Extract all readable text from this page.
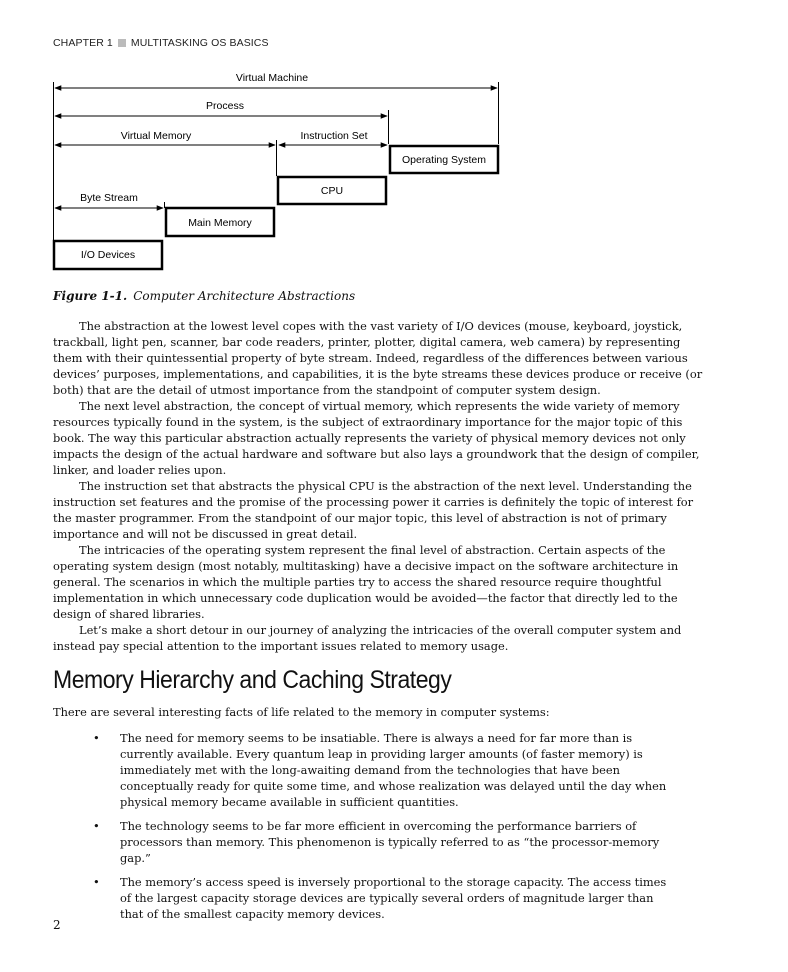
CHAPTER 1 MULTITASKING OS BASICS
Virtual Machine
Process
Virtual Memory	Instruction Set
Byte Stream
Operating System
CPU
Main Memory
I/O Devices
Figure 1-1. Computer Architecture Abstractions

The abstraction at the lowest level copes with the vast variety of I/O devices (mouse, keyboard, joystick, trackball, light pen, scanner, bar code readers, printer, plotter, digital camera, web camera) by representing them with their quintessential property of byte stream. Indeed, regardless of the differences between various devices’ purposes, implementations, and capabilities, it is the byte streams these devices produce or receive (or both) that are the detail of utmost importance from the standpoint of computer system design.

The next level abstraction, the concept of virtual memory, which represents the wide variety of memory resources typically found in the system, is the subject of extraordinary importance for the major topic of this book. The way this particular abstraction actually represents the variety of physical memory devices not only impacts the design of the actual hardware and software but also lays a groundwork that the design of compiler, linker, and loader relies upon.

The instruction set that abstracts the physical CPU is the abstraction of the next level. Understanding the instruction set features and the promise of the processing power it carries is definitely the topic of interest for the master programmer. From the standpoint of our major topic, this level of abstraction is not of primary importance and will not be discussed in great detail.

The intricacies of the operating system represent the final level of abstraction. Certain aspects of the operating system design (most notably, multitasking) have a decisive impact on the software architecture in general. The scenarios in which the multiple parties try to access the shared resource require thoughtful implementation in which unnecessary code duplication would be avoided—the factor that directly led to the design of shared libraries.

Let’s make a short detour in our journey of analyzing the intricacies of the overall computer system and instead pay special attention to the important issues related to memory usage.

Memory Hierarchy and Caching Strategy
There are several interesting facts of life related to the memory in computer systems:
• The need for memory seems to be insatiable. There is always a need for far more than is currently available. Every quantum leap in providing larger amounts (of faster memory) is immediately met with the long-awaiting demand from the technologies that have been conceptually ready for quite some time, and whose realization was delayed until the day when physical memory became available in sufficient quantities.
• The technology seems to be far more efficient in overcoming the performance barriers of processors than memory. This phenomenon is typically referred to as “the processor-memory gap.”
• The memory’s access speed is inversely proportional to the storage capacity. The access times of the largest capacity storage devices are typically several orders of magnitude larger than that of the smallest capacity memory devices.
2
